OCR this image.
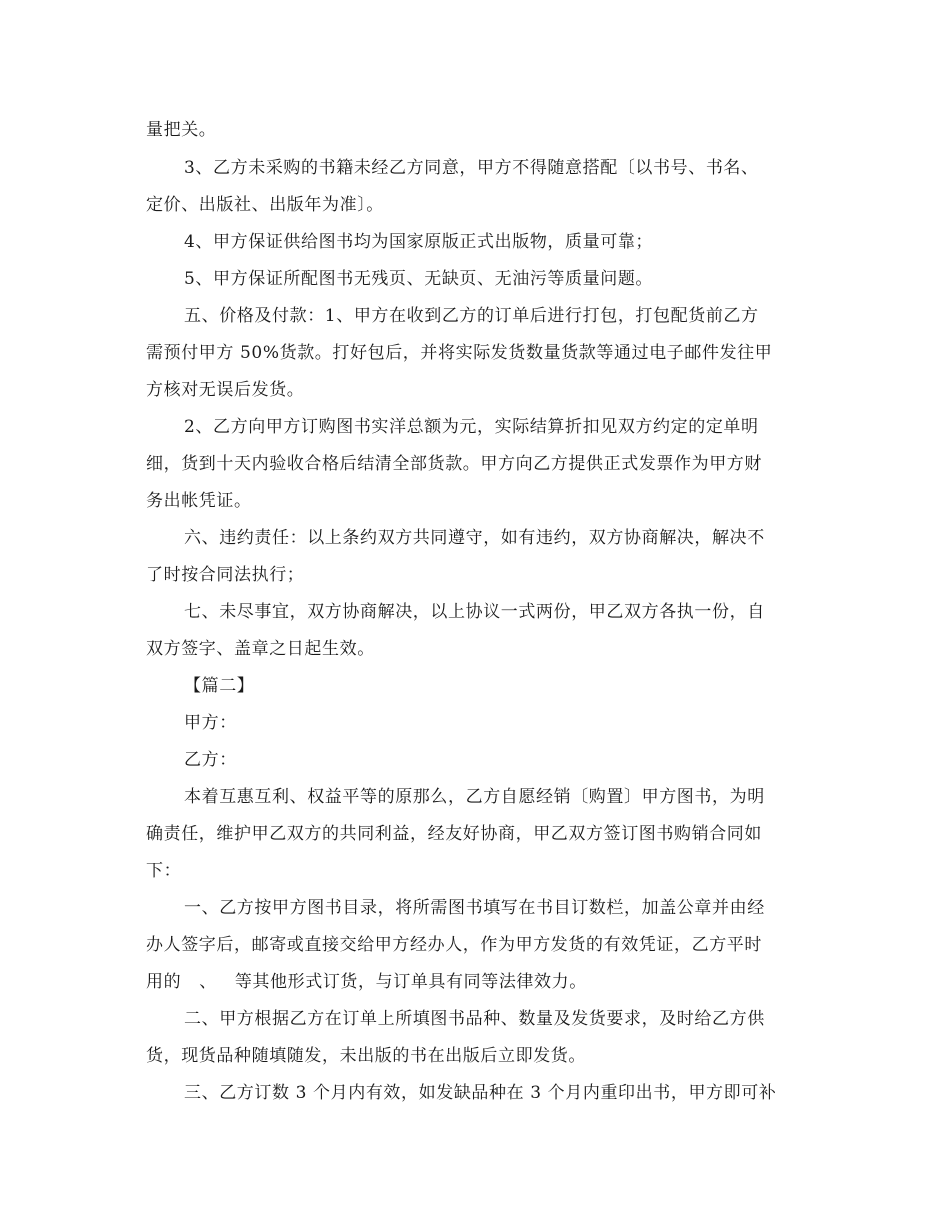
量把关。
3、乙方未采购的书籍未经乙方同意，甲方不得随意搭配〔以书号、书名、
定价、出版社、出版年为准〕。
4、甲方保证供给图书均为国家原版正式出版物，质量可靠；
5、甲方保证所配图书无残页、无缺页、无油污等质量问题。
五、价格及付款：1、甲方在收到乙方的订单后进行打包，打包配货前乙方
需预付甲方 50%货款。打好包后，并将实际发货数量货款等通过电子邮件发往甲
方核对无误后发货。
2、乙方向甲方订购图书实洋总额为元，实际结算折扣见双方约定的定单明
细，货到十天内验收合格后结清全部货款。甲方向乙方提供正式发票作为甲方财
务出帐凭证。
六、违约责任：以上条约双方共同遵守，如有违约，双方协商解决，解决不
了时按合同法执行；
七、未尽事宜，双方协商解决，以上协议一式两份，甲乙双方各执一份，自
双方签字、盖章之日起生效。
【篇二】
甲方：
乙方：
本着互惠互利、权益平等的原那么，乙方自愿经销〔购置〕甲方图书，为明
确责任，维护甲乙双方的共同利益，经友好协商，甲乙双方签订图书购销合同如
下：
一、乙方按甲方图书目录，将所需图书填写在书目订数栏，加盖公章并由经
办人签字后，邮寄或直接交给甲方经办人，作为甲方发货的有效凭证，乙方平时
用的   、   等其他形式订货，与订单具有同等法律效力。
二、甲方根据乙方在订单上所填图书品种、数量及发货要求，及时给乙方供
货，现货品种随填随发，未出版的书在出版后立即发货。
三、乙方订数 3 个月内有效，如发缺品种在 3 个月内重印出书，甲方即可补
